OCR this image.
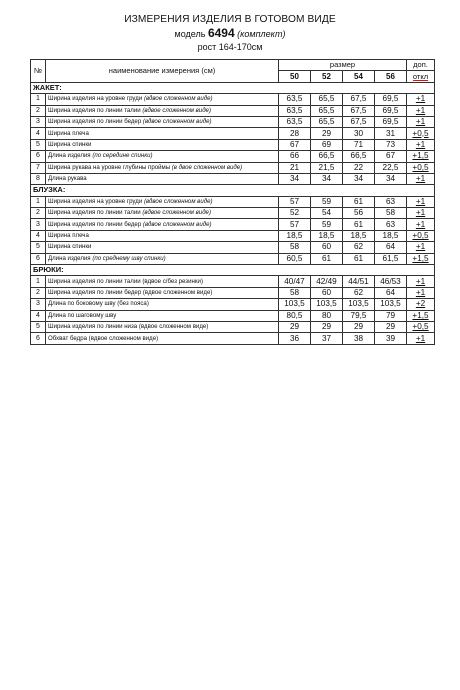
ИЗМЕРЕНИЯ ИЗДЕЛИЯ В ГОТОВОМ ВИДЕ
модель 6494 (комплект)
рост 164-170см
№	наименование измерения (см)	размер				доп.
		50	52	54	56	откл
ЖАКЕТ:						
1	Ширина изделия на уровне груди (вдвое сложенном виде)	63,5	65,5	67,5	69,5	+1
2	Ширина изделия по линии талии (вдвое сложенном виде)	63,5	65,5	67,5	69,5	+1
3	Ширина изделия по линии бедер (вдвое сложенном виде)	63,5	65,5	67,5	69,5	+1
4	Ширина плеча	28	29	30	31	+0,5
5	Ширина спинки	67	69	71	73	+1
6	Длина изделия (по середине спинки)	66	66,5	66,5	67	+1,5
7	Ширина рукава на уровне глубины проймы (в двое сложенном виде)	21	21,5	22	22,5	+0,5
8	Длина рукава	34	34	34	34	+1
БЛУЗКА:						
1	Ширина изделия на уровне груди (вдвое сложенном виде)	57	59	61	63	+1
2	Ширина изделия по линии талии (вдвое сложенном виде)	52	54	56	58	+1
3	Ширина изделия по линии бедер (вдвое сложенном виде)	57	59	61	63	+1
4	Ширина плеча	18,5	18,5	18,5	18,5	+0,5
5	Ширина спинки	58	60	62	64	+1
6	Длина изделия (по среднему шву спинки)	60,5	61	61	61,5	+1,5
БРЮКИ:						
1	Ширина изделия по линии талии (вдвое с/без резинки)	40/47	42/49	44/51	46/53	+1
2	Ширина изделия по линии бедер (вдвое сложенном виде)	58	60	62	64	+1
3	Длина по боковому шву (без пояса)	103,5	103,5	103,5	103,5	+2
4	Длина по шаговому шву	80,5	80	79,5	79	+1,5
5	Ширина изделия по линии низа (вдвое сложенном виде)	29	29	29	29	+0,5
6	Обхват бедра (вдвое сложенном виде)	36	37	38	39	+1
